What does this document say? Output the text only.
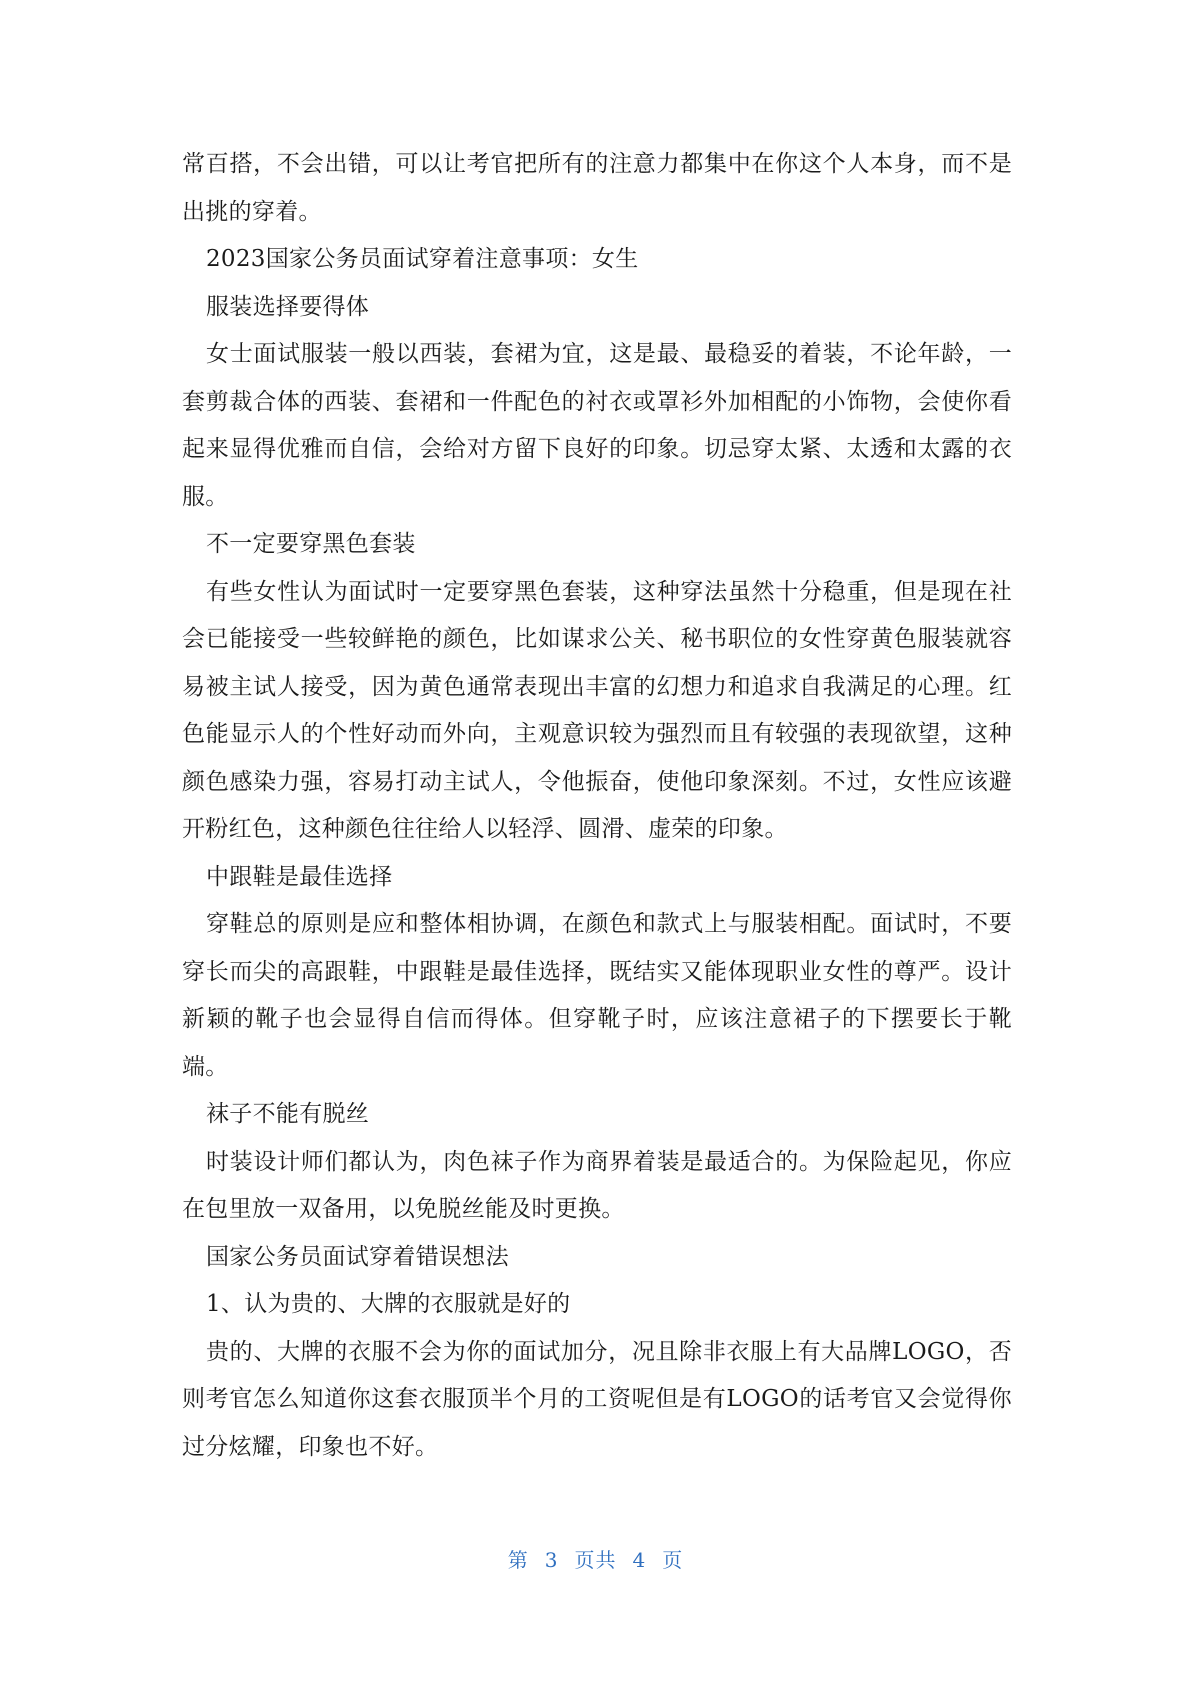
常百搭，不会出错，可以让考官把所有的注意力都集中在你这个人本身，而不是出挑的穿着。

2023国家公务员面试穿着注意事项：女生

服装选择要得体

女士面试服装一般以西装，套裙为宜，这是最、最稳妥的着装，不论年龄，一套剪裁合体的西装、套裙和一件配色的衬衣或罩衫外加相配的小饰物，会使你看起来显得优雅而自信，会给对方留下良好的印象。切忌穿太紧、太透和太露的衣服。

不一定要穿黑色套装

有些女性认为面试时一定要穿黑色套装，这种穿法虽然十分稳重，但是现在社会已能接受一些较鲜艳的颜色，比如谋求公关、秘书职位的女性穿黄色服装就容易被主试人接受，因为黄色通常表现出丰富的幻想力和追求自我满足的心理。红色能显示人的个性好动而外向，主观意识较为强烈而且有较强的表现欲望，这种颜色感染力强，容易打动主试人，令他振奋，使他印象深刻。不过，女性应该避开粉红色，这种颜色往往给人以轻浮、圆滑、虚荣的印象。

中跟鞋是最佳选择

穿鞋总的原则是应和整体相协调，在颜色和款式上与服装相配。面试时，不要穿长而尖的高跟鞋，中跟鞋是最佳选择，既结实又能体现职业女性的尊严。设计新颖的靴子也会显得自信而得体。但穿靴子时，应该注意裙子的下摆要长于靴端。

袜子不能有脱丝

时装设计师们都认为，肉色袜子作为商界着装是最适合的。为保险起见，你应在包里放一双备用，以免脱丝能及时更换。

国家公务员面试穿着错误想法

1、认为贵的、大牌的衣服就是好的

贵的、大牌的衣服不会为你的面试加分，况且除非衣服上有大品牌LOGO，否则考官怎么知道你这套衣服顶半个月的工资呢但是有LOGO的话考官又会觉得你过分炫耀，印象也不好。

第 3 页共 4 页
